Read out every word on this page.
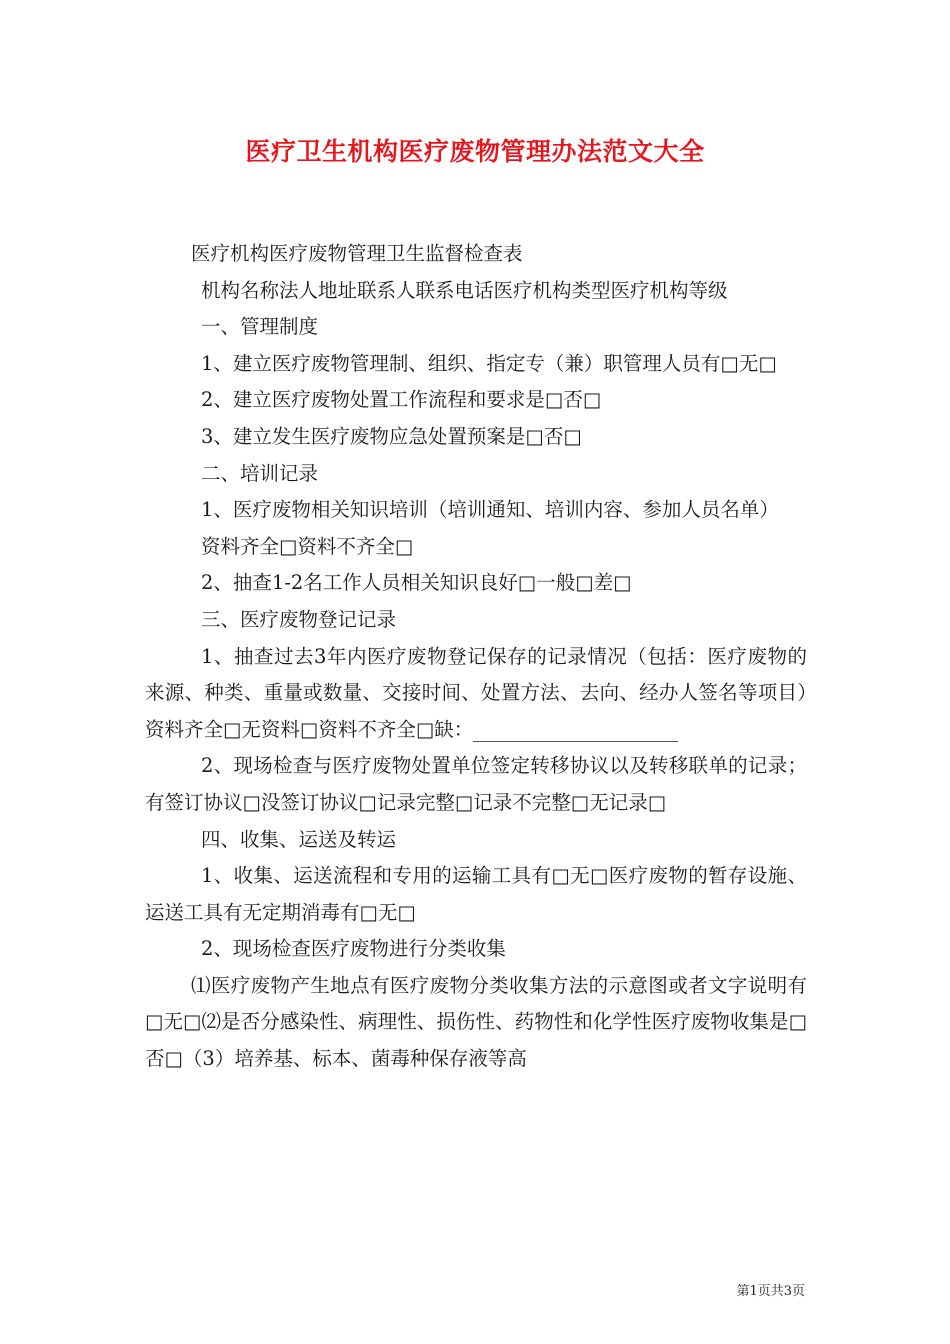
医疗卫生机构医疗废物管理办法范文大全

医疗机构医疗废物管理卫生监督检查表

机构名称法人地址联系人联系电话医疗机构类型医疗机构等级

一、管理制度

1、建立医疗废物管理制、组织、指定专（兼）职管理人员有□无□

2、建立医疗废物处置工作流程和要求是□否□

3、建立发生医疗废物应急处置预案是□否□

二、培训记录

1、医疗废物相关知识培训（培训通知、培训内容、参加人员名单）

资料齐全□资料不齐全□

2、抽查1-2名工作人员相关知识良好□一般□差□

三、医疗废物登记记录

1、抽查过去3年内医疗废物登记保存的记录情况（包括：医疗废物的来源、种类、重量或数量、交接时间、处置方法、去向、经办人签名等项目）资料齐全□无资料□资料不齐全□缺：                     

2、现场检查与医疗废物处置单位签定转移协议以及转移联单的记录；有签订协议□没签订协议□记录完整□记录不完整□无记录□

四、收集、运送及转运

1、收集、运送流程和专用的运输工具有□无□医疗废物的暂存设施、运送工具有无定期消毒有□无□

2、现场检查医疗废物进行分类收集

⑴医疗废物产生地点有医疗废物分类收集方法的示意图或者文字说明有□无□⑵是否分感染性、病理性、损伤性、药物性和化学性医疗废物收集是□否□（3）培养基、标本、菌毒种保存液等高

第1页共3页
